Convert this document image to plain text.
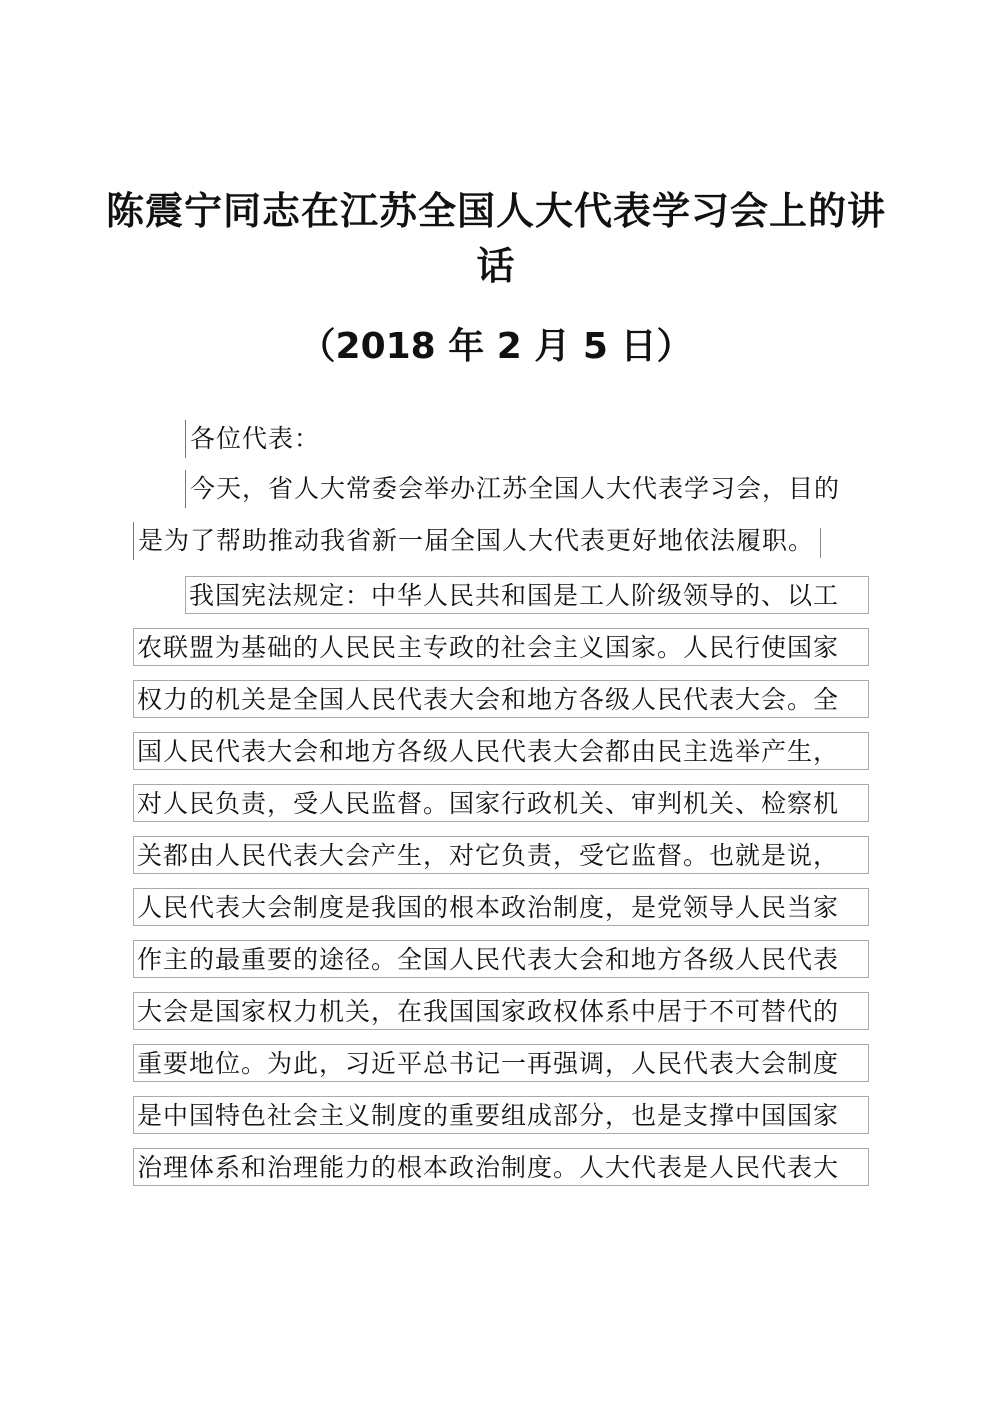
陈震宁同志在江苏全国人大代表学习会上的讲
话
（2018 年 2 月 5 日）
各位代表：
今天，省人大常委会举办江苏全国人大代表学习会，目的
是为了帮助推动我省新一届全国人大代表更好地依法履职。
我国宪法规定：中华人民共和国是工人阶级领导的、以工
农联盟为基础的人民民主专政的社会主义国家。人民行使国家
权力的机关是全国人民代表大会和地方各级人民代表大会。全
国人民代表大会和地方各级人民代表大会都由民主选举产生，
对人民负责，受人民监督。国家行政机关、审判机关、检察机
关都由人民代表大会产生，对它负责，受它监督。也就是说，
人民代表大会制度是我国的根本政治制度，是党领导人民当家
作主的最重要的途径。全国人民代表大会和地方各级人民代表
大会是国家权力机关，在我国国家政权体系中居于不可替代的
重要地位。为此，习近平总书记一再强调，人民代表大会制度
是中国特色社会主义制度的重要组成部分，也是支撑中国国家
治理体系和治理能力的根本政治制度。人大代表是人民代表大
